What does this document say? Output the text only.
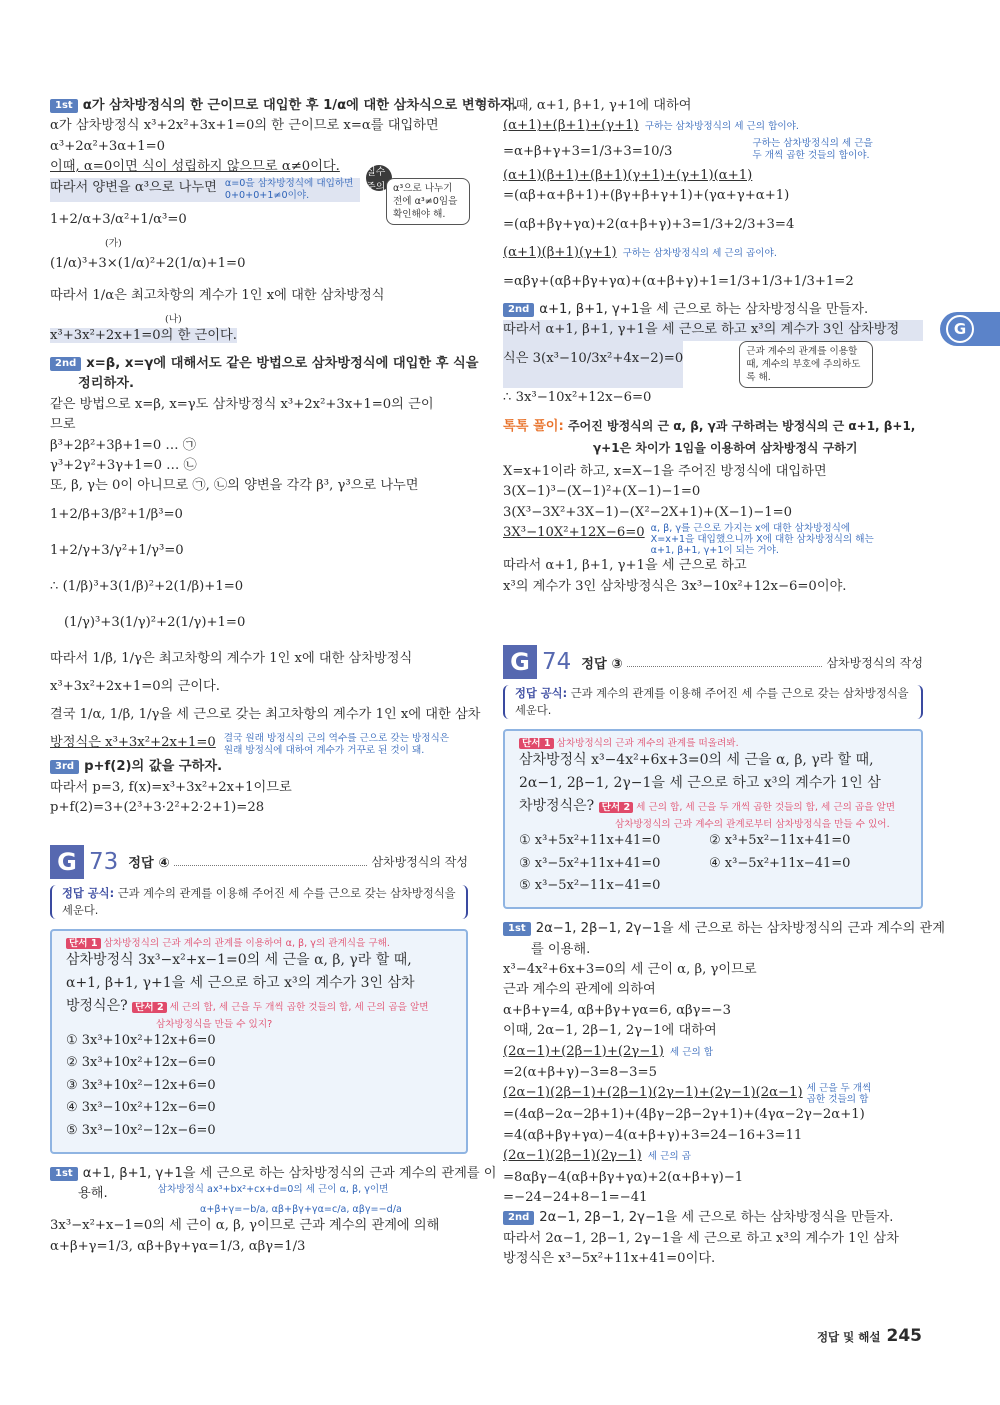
1st α가 삼차방정식의 한 근이므로 대입한 후 1/α에 대한 삼차식으로 변형하자.
α가 삼차방정식 x³+2x²+3x+1=0의 한 근이므로 x=α를 대입하면
α³+2α²+3α+1=0
이때, α=0이면 식이 성립하지 않으므로 α≠0이다.
따라서 양변을 α³으로 나누면 α=0을 삼차방정식에 대입하면 0+0+0+1≠0이야.
1+2/α+3/α²+1/α³=0
(가)
(1/α)³+3×(1/α)²+2(1/α)+1=0
따라서 1/α은 최고차항의 계수가 1인 x에 대한 삼차방정식
(나)
x³+3x²+2x+1=0의 한 근이다.
2nd x=β, x=γ에 대해서도 같은 방법으로 삼차방정식에 대입한 후 식을
정리하자.
같은 방법으로 x=β, x=γ도 삼차방정식 x³+2x²+3x+1=0의 근이
므로
β³+2β²+3β+1=0 … ㉠
γ³+2γ²+3γ+1=0 … ㉡
또, β, γ는 0이 아니므로 ㉠, ㉡의 양변을 각각 β³, γ³으로 나누면
1+2/β+3/β²+1/β³=0
1+2/γ+3/γ²+1/γ³=0
∴ (1/β)³+3(1/β)²+2(1/β)+1=0
(1/γ)³+3(1/γ)²+2(1/γ)+1=0
따라서 1/β, 1/γ은 최고차항의 계수가 1인 x에 대한 삼차방정식
x³+3x²+2x+1=0의 근이다.
결국 1/α, 1/β, 1/γ을 세 근으로 갖는 최고차항의 계수가 1인 x에 대한 삼차
방정식은 x³+3x²+2x+1=0 결국 원래 방정식의 근의 역수를 근으로 갖는 방정식은 원래 방정식에 대하여 계수가 거꾸로 된 것이 돼.
3rd p+f(2)의 값을 구하자.
따라서 p=3, f(x)=x³+3x²+2x+1이므로
p+f(2)=3+(2³+3·2²+2·2+1)=28
G 73 정답 ④	삼차방정식의 작성
정답 공식: 근과 계수의 관계를 이용해 주어진 세 수를 근으로 갖는 삼차방정식을
세운다.
단서 1 삼차방정식의 근과 계수의 관계를 이용하여 α, β, γ의 관계식을 구해.
삼차방정식 3x³−x²+x−1=0의 세 근을 α, β, γ라 할 때,
α+1, β+1, γ+1을 세 근으로 하고 x³의 계수가 3인 삼차
방정식은? 단서 2 세 근의 합, 세 근을 두 개씩 곱한 것들의 합, 세 근의 곱을 알면
삼차방정식을 만들 수 있지?
① 3x³+10x²+12x+6=0
② 3x³+10x²+12x−6=0
③ 3x³+10x²−12x+6=0
④ 3x³−10x²+12x−6=0
⑤ 3x³−10x²−12x−6=0
1st α+1, β+1, γ+1을 세 근으로 하는 삼차방정식의 근과 계수의 관계를 이
용해.	삼차방정식 ax³+bx²+cx+d=0의 세 근이 α, β, γ이면
α+β+γ=−b/a, αβ+βγ+γα=c/a, αβγ=−d/a
3x³−x²+x−1=0의 세 근이 α, β, γ이므로 근과 계수의 관계에 의해
α+β+γ=1/3, αβ+βγ+γα=1/3, αβγ=1/3
실수 주의 α³으로 나누기 전에 α³≠0임을 확인해야 해.
이때, α+1, β+1, γ+1에 대하여
(α+1)+(β+1)+(γ+1) 구하는 삼차방정식의 세 근의 합이야.
=α+β+γ+3=1/3+3=10/3
구하는 삼차방정식의 세 근을 두 개씩 곱한 것들의 합이야.
(α+1)(β+1)+(β+1)(γ+1)+(γ+1)(α+1)
=(αβ+α+β+1)+(βγ+β+γ+1)+(γα+γ+α+1)
=(αβ+βγ+γα)+2(α+β+γ)+3=1/3+2/3+3=4
(α+1)(β+1)(γ+1) 구하는 삼차방정식의 세 근의 곱이야.
=αβγ+(αβ+βγ+γα)+(α+β+γ)+1=1/3+1/3+1/3+1=2
2nd α+1, β+1, γ+1을 세 근으로 하는 삼차방정식을 만들자.
따라서 α+1, β+1, γ+1을 세 근으로 하고 x³의 계수가 3인 삼차방정
식은 3(x³−10/3x²+4x−2)=0	근과 계수의 관계를 이용할 때, 계수의 부호에 주의하도록 해.
∴ 3x³−10x²+12x−6=0
톡톡 풀이: 주어진 방정식의 근 α, β, γ과 구하려는 방정식의 근 α+1, β+1,
γ+1은 차이가 1임을 이용하여 삼차방정식 구하기
X=x+1이라 하고, x=X−1을 주어진 방정식에 대입하면
3(X−1)³−(X−1)²+(X−1)−1=0
3(X³−3X²+3X−1)−(X²−2X+1)+(X−1)−1=0
3X³−10X²+12X−6=0 α, β, γ를 근으로 가지는 x에 대한 삼차방정식에 X=x+1을 대입했으니까 X에 대한 삼차방정식의 해는 α+1, β+1, γ+1이 되는 거야.
따라서 α+1, β+1, γ+1을 세 근으로 하고
x³의 계수가 3인 삼차방정식은 3x³−10x²+12x−6=0이야.
G 74 정답 ③	삼차방정식의 작성
정답 공식: 근과 계수의 관계를 이용해 주어진 세 수를 근으로 갖는 삼차방정식을
세운다.
단서 1 삼차방정식의 근과 계수의 관계를 떠올려봐.
삼차방정식 x³−4x²+6x+3=0의 세 근을 α, β, γ라 할 때,
2α−1, 2β−1, 2γ−1을 세 근으로 하고 x³의 계수가 1인 삼
차방정식은? 단서 2 세 근의 합, 세 근을 두 개씩 곱한 것들의 합, 세 근의 곱을 알면
삼차방정식의 근과 계수의 관계로부터 삼차방정식을 만들 수 있어.
① x³+5x²+11x+41=0	② x³+5x²−11x+41=0
③ x³−5x²+11x+41=0	④ x³−5x²+11x−41=0
⑤ x³−5x²−11x−41=0
1st 2α−1, 2β−1, 2γ−1을 세 근으로 하는 삼차방정식의 근과 계수의 관계
를 이용해.
x³−4x²+6x+3=0의 세 근이 α, β, γ이므로
근과 계수의 관계에 의하여
α+β+γ=4, αβ+βγ+γα=6, αβγ=−3
이때, 2α−1, 2β−1, 2γ−1에 대하여
(2α−1)+(2β−1)+(2γ−1) 세 근의 합
=2(α+β+γ)−3=8−3=5
(2α−1)(2β−1)+(2β−1)(2γ−1)+(2γ−1)(2α−1) 세 근을 두 개씩 곱한 것들의 합
=(4αβ−2α−2β+1)+(4βγ−2β−2γ+1)+(4γα−2γ−2α+1)
=4(αβ+βγ+γα)−4(α+β+γ)+3=24−16+3=11
(2α−1)(2β−1)(2γ−1) 세 근의 곱
=8αβγ−4(αβ+βγ+γα)+2(α+β+γ)−1
=−24−24+8−1=−41
2nd 2α−1, 2β−1, 2γ−1을 세 근으로 하는 삼차방정식을 만들자.
따라서 2α−1, 2β−1, 2γ−1을 세 근으로 하고 x³의 계수가 1인 삼차
방정식은 x³−5x²+11x+41=0이다.
G
정답 및 해설 245
